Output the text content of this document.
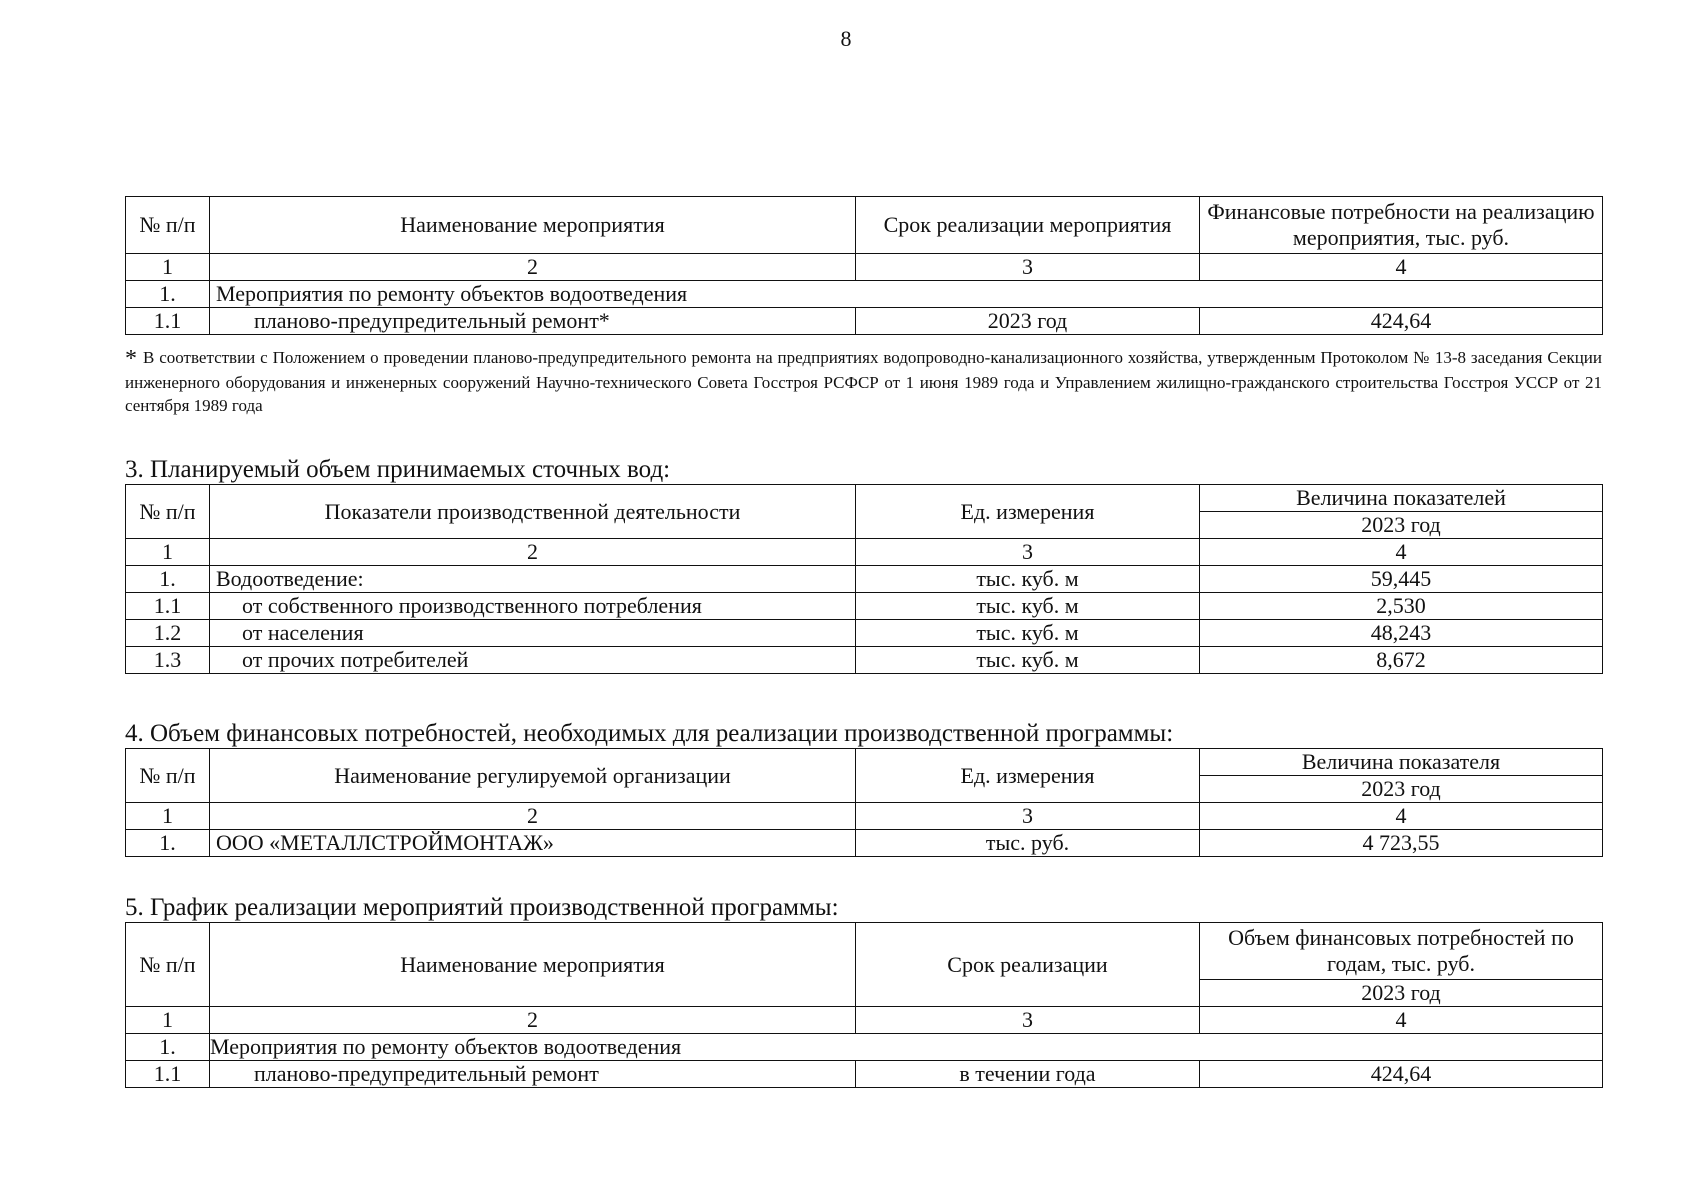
8
№ п/п	Наименование мероприятия	Срок реализации мероприятия	Финансовые потребности на реализацию мероприятия, тыс. руб.
1	2	3	4
1.	Мероприятия по ремонту объектов водоотведения		
1.1	планово-предупредительный ремонт*	2023 год	424,64
* В соответствии с Положением о проведении планово-предупредительного ремонта на предприятиях водопроводно-канализационного хозяйства, утвержденным Протоколом № 13-8 заседания Секции инженерного оборудования и инженерных сооружений Научно-технического Совета Госстроя РСФСР от 1 июня 1989 года и Управлением жилищно-гражданского строительства Госстроя УССР от 21 сентября 1989 года
3. Планируемый объем принимаемых сточных вод:
№ п/п	Показатели производственной деятельности	Ед. измерения	Величина показателей
			2023 год
1	2	3	4
1.	Водоотведение:	тыс. куб. м	59,445
1.1	от собственного производственного потребления	тыс. куб. м	2,530
1.2	от населения	тыс. куб. м	48,243
1.3	от прочих потребителей	тыс. куб. м	8,672
4. Объем финансовых потребностей, необходимых для реализации производственной программы:
№ п/п	Наименование регулируемой организации	Ед. измерения	Величина показателя
			2023 год
1	2	3	4
1.	ООО «МЕТАЛЛСТРОЙМОНТАЖ»	тыс. руб.	4 723,55
5. График реализации мероприятий производственной программы:
№ п/п	Наименование мероприятия	Срок реализации	Объем финансовых потребностей по годам, тыс. руб.
			2023 год
1	2	3	4
1.	Мероприятия по ремонту объектов водоотведения		
1.1	планово-предупредительный ремонт	в течении года	424,64
